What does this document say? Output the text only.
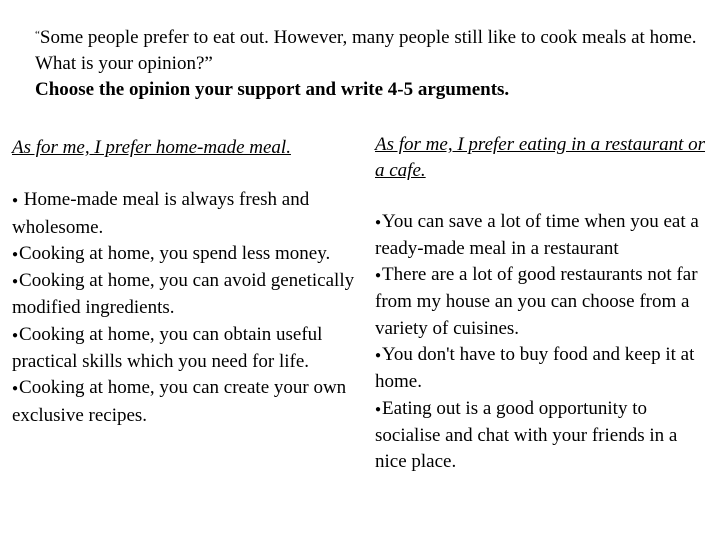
“Some people prefer to eat out. However, many people still like to cook meals at home. What is your opinion?”
Choose the opinion your support and write 4-5 arguments.
As for me, I prefer home-made meal.
● Home-made meal is always fresh and wholesome.
●Cooking at home, you spend less money.
●Cooking at home, you can avoid genetically modified ingredients.
●Cooking at home, you can obtain useful practical skills which you need for life.
●Cooking at home, you can create your own exclusive recipes.
As for me, I prefer eating in a restaurant or a cafe.
●You can save a lot of time when you eat a ready-made meal in a restaurant
●There are a lot of good restaurants not far from my house an you can choose from a variety of cuisines.
●You don't have to buy food and keep it at home.
●Eating out is a good opportunity to socialise and chat with your friends in a nice place.
